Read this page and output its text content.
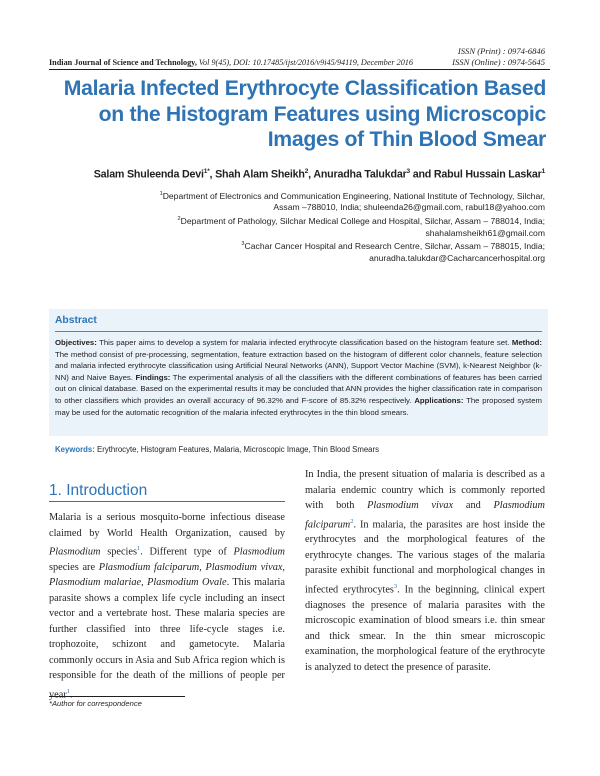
ISSN (Print) : 0974-6846
ISSN (Online) : 0974-5645
Indian Journal of Science and Technology, Vol 9(45), DOI: 10.17485/ijst/2016/v9i45/94119, December 2016
Malaria Infected Erythrocyte Classification Based on the Histogram Features using Microscopic Images of Thin Blood Smear
Salam Shuleenda Devi$^{1*}$, Shah Alam Sheikh$^2$, Anuradha Talukdar$^3$ and Rabul Hussain Laskar$^1$
$^1$Department of Electronics and Communication Engineering, National Institute of Technology, Silchar,
Assam –788010, India; shuleenda26@gmail.com, rabul18@yahoo.com
$^2$Department of Pathology, Silchar Medical College and Hospital, Silchar, Assam – 788014, India;
shahalamsheikh61@gmail.com
$^3$Cachar Cancer Hospital and Research Centre, Silchar, Assam – 788015, India;
anuradha.talukdar@Cacharcancerhospital.org
Abstract
Objectives: This paper aims to develop a system for malaria infected erythrocyte classification based on the histogram feature set. Method: The method consist of pre-processing, segmentation, feature extraction based on the histogram of different color channels, feature selection and malaria infected erythrocyte classification using Artificial Neural Networks (ANN), Support Vector Machine (SVM), k-Nearest Neighbor (k-NN) and Naive Bayes. Findings: The experimental analysis of all the classifiers with the different combinations of features has been carried out on clinical database. Based on the experimental results it may be concluded that ANN provides the higher classification rate in comparison to other classifiers which provides an overall accuracy of 96.32% and F-score of 85.32% respectively. Applications: The proposed system may be used for the automatic recognition of the malaria infected erythrocytes in the thin blood smears.
Keywords: Erythrocyte, Histogram Features, Malaria, Microscopic Image, Thin Blood Smears
1. Introduction
Malaria is a serious mosquito-borne infectious disease claimed by World Health Organization, caused by Plasmodium species$^1$. Different type of Plasmodium species are Plasmodium falciparum, Plasmodium vivax, Plasmodium malariae, Plasmodium Ovale. This malaria parasite shows a complex life cycle including an insect vector and a vertebrate host. These malaria species are further classified into three life-cycle stages i.e. trophozoite, schizont and gametocyte. Malaria commonly occurs in Asia and Sub Africa region which is responsible for the death of the millions of people per year$^1$.
In India, the present situation of malaria is described as a malaria endemic country which is commonly reported with both Plasmodium vivax and Plasmodium falciparum$^2$. In malaria, the parasites are host inside the erythrocytes and the morphological features of the erythrocyte changes. The various stages of the malaria parasite exhibit functional and morphological changes in infected erythrocytes$^3$. In the beginning, clinical expert diagnoses the presence of malaria parasites with the microscopic examination of blood smears i.e. thin smear and thick smear. In the thin smear microscopic examination, the morphological feature of the erythrocyte is analyzed to detect the presence of parasite.
*Author for correspondence
